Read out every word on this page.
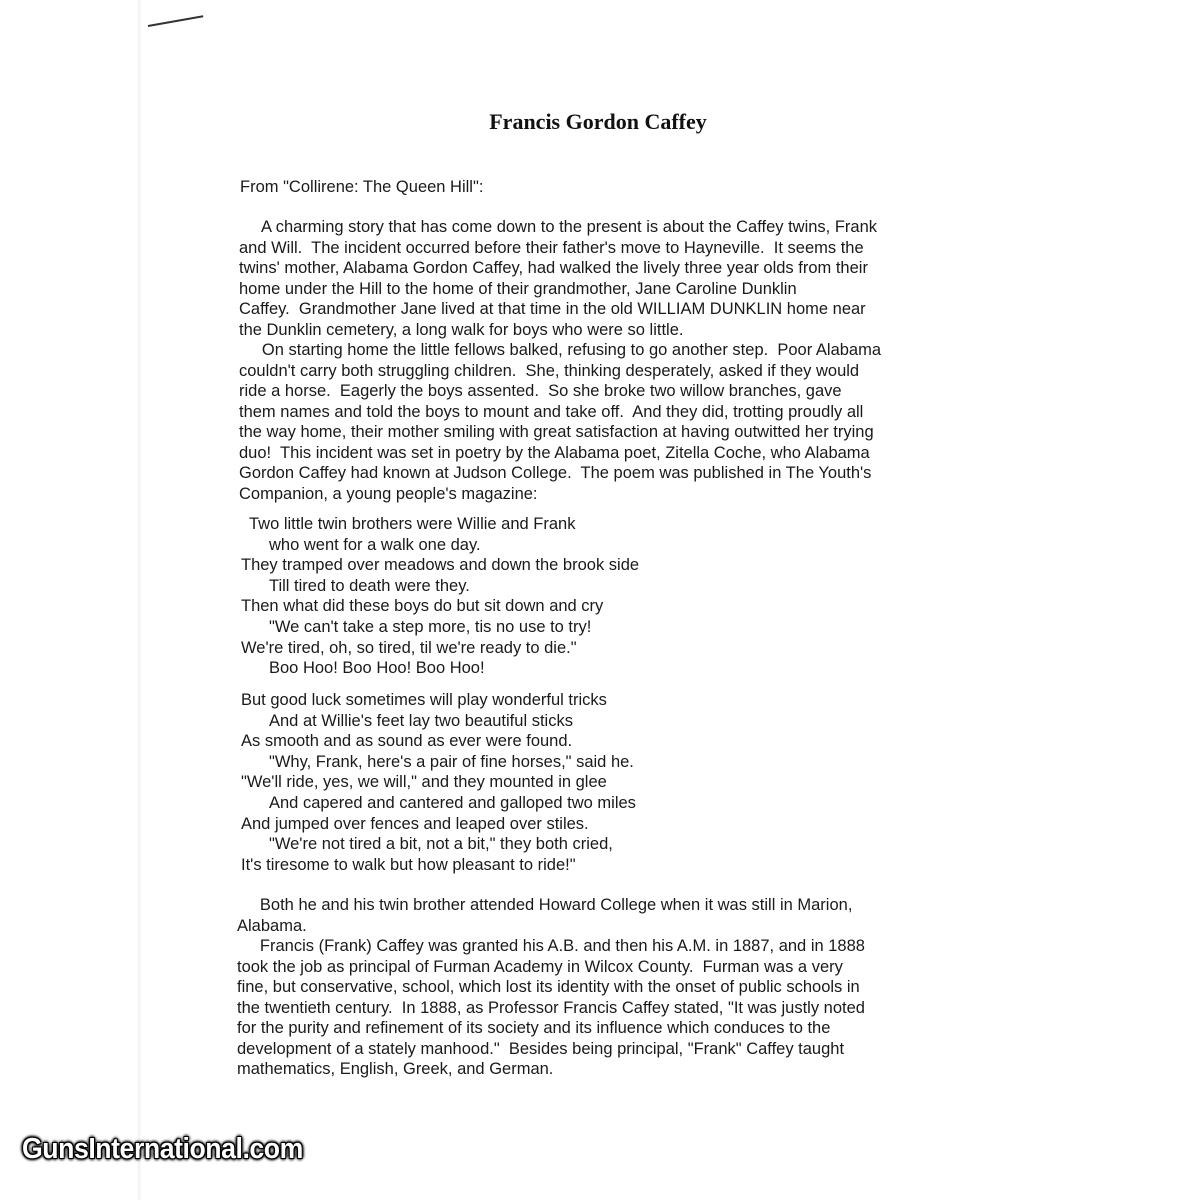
Francis Gordon Caffey

From "Collirene: The Queen Hill":

A charming story that has come down to the present is about the Caffey twins, Frank
and Will.  The incident occurred before their father's move to Hayneville.  It seems the
twins' mother, Alabama Gordon Caffey, had walked the lively three year olds from their
home under the Hill to the home of their grandmother, Jane Caroline Dunklin
Caffey.  Grandmother Jane lived at that time in the old WILLIAM DUNKLIN home near
the Dunklin cemetery, a long walk for boys who were so little.
On starting home the little fellows balked, refusing to go another step.  Poor Alabama
couldn't carry both struggling children.  She, thinking desperately, asked if they would
ride a horse.  Eagerly the boys assented.  So she broke two willow branches, gave
them names and told the boys to mount and take off.  And they did, trotting proudly all
the way home, their mother smiling with great satisfaction at having outwitted her trying
duo!  This incident was set in poetry by the Alabama poet, Zitella Coche, who Alabama
Gordon Caffey had known at Judson College.  The poem was published in The Youth's
Companion, a young people's magazine:
Two little twin brothers were Willie and Frank
who went for a walk one day.
They tramped over meadows and down the brook side
Till tired to death were they.
Then what did these boys do but sit down and cry
"We can't take a step more, tis no use to try!
We're tired, oh, so tired, til we're ready to die."
Boo Hoo! Boo Hoo! Boo Hoo!
But good luck sometimes will play wonderful tricks
And at Willie's feet lay two beautiful sticks
As smooth and as sound as ever were found.
"Why, Frank, here's a pair of fine horses," said he.
"We'll ride, yes, we will," and they mounted in glee
And capered and cantered and galloped two miles
And jumped over fences and leaped over stiles.
"We're not tired a bit, not a bit," they both cried,
It's tiresome to walk but how pleasant to ride!"
Both he and his twin brother attended Howard College when it was still in Marion,
Alabama.
Francis (Frank) Caffey was granted his A.B. and then his A.M. in 1887, and in 1888
took the job as principal of Furman Academy in Wilcox County.  Furman was a very
fine, but conservative, school, which lost its identity with the onset of public schools in
the twentieth century.  In 1888, as Professor Francis Caffey stated, "It was justly noted
for the purity and refinement of its society and its influence which conduces to the
development of a stately manhood."  Besides being principal, "Frank" Caffey taught
mathematics, English, Greek, and German.
GunsInternational.com
